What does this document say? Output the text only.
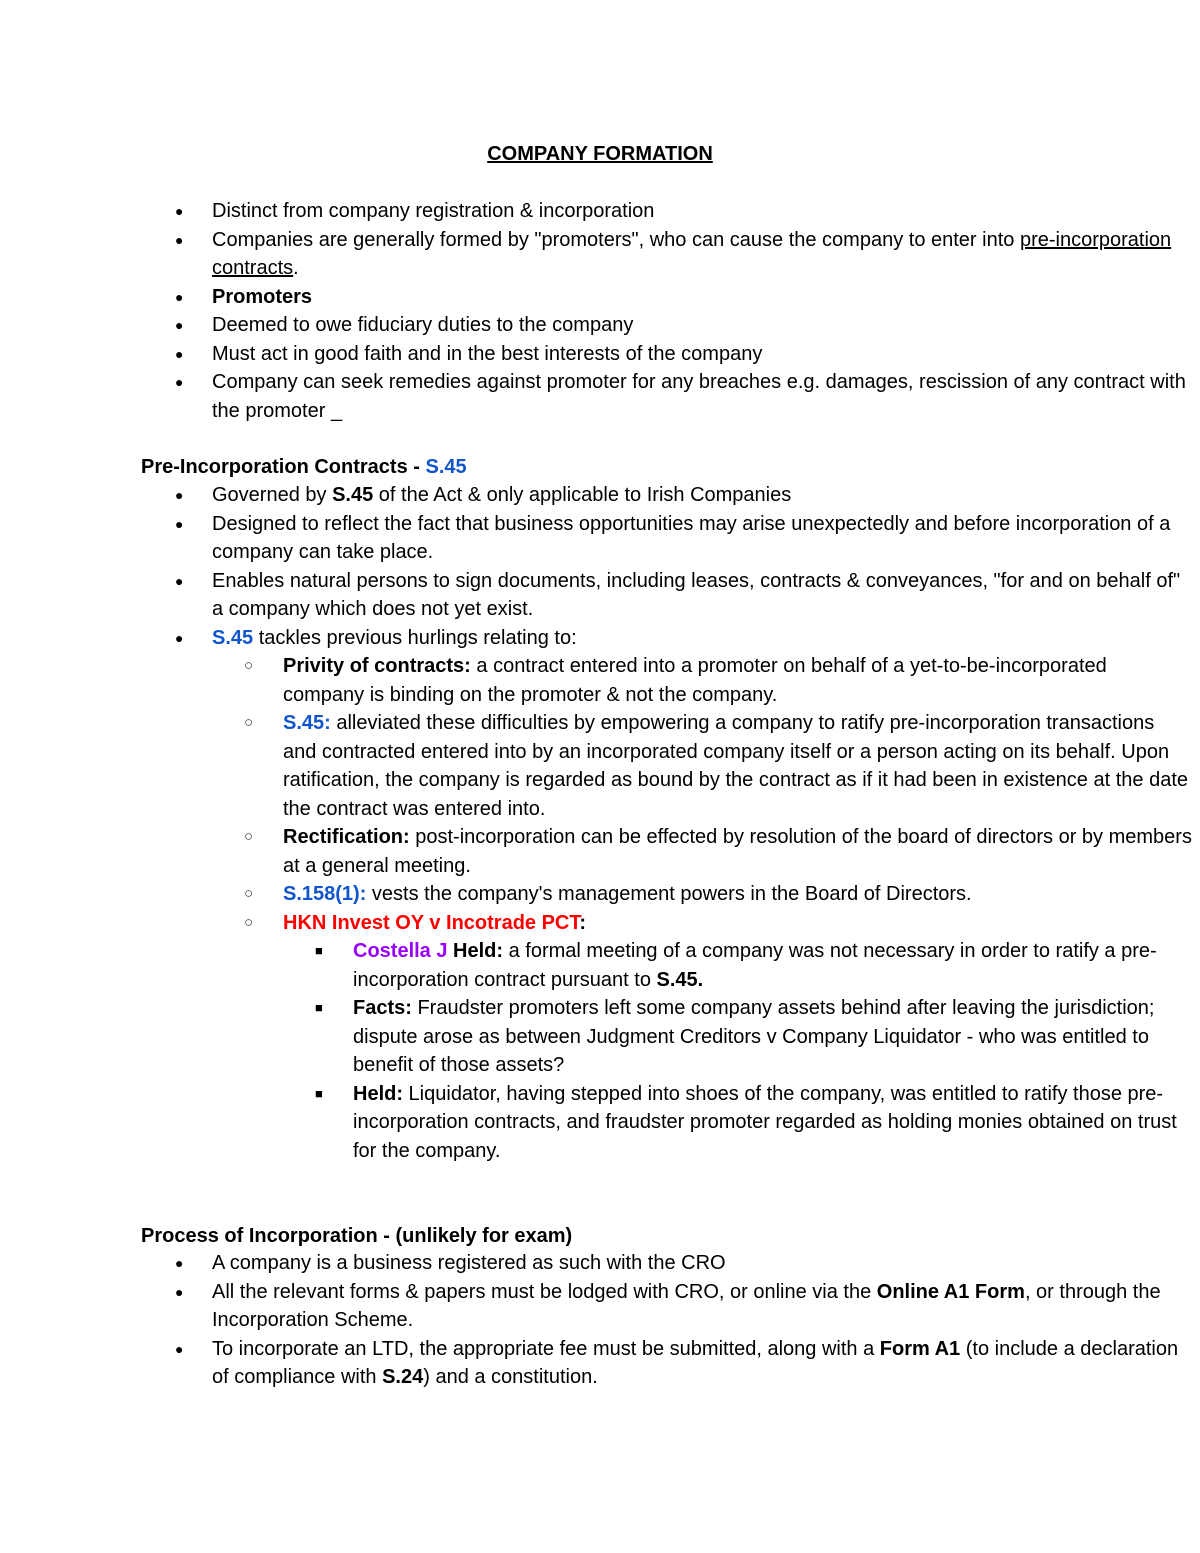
COMPANY FORMATION
● Distinct from company registration & incorporation
● Companies are generally formed by "promoters", who can cause the company to enter into pre-incorporation contracts.
● Promoters
● Deemed to owe fiduciary duties to the company
● Must act in good faith and in the best interests of the company
● Company can seek remedies against promoter for any breaches e.g. damages, rescission of any contract with the promoter _
Pre-Incorporation Contracts - S.45
● Governed by S.45 of the Act & only applicable to Irish Companies
● Designed to reflect the fact that business opportunities may arise unexpectedly and before incorporation of a company can take place.
● Enables natural persons to sign documents, including leases, contracts & conveyances, "for and on behalf of" a company which does not yet exist.
● S.45 tackles previous hurlings relating to:
○ Privity of contracts: a contract entered into a promoter on behalf of a yet-to-be-incorporated company is binding on the promoter & not the company.
○ S.45: alleviated these difficulties by empowering a company to ratify pre-incorporation transactions and contracted entered into by an incorporated company itself or a person acting on its behalf. Upon ratification, the company is regarded as bound by the contract as if it had been in existence at the date the contract was entered into.
○ Rectification: post-incorporation can be effected by resolution of the board of directors or by members at a general meeting.
○ S.158(1): vests the company's management powers in the Board of Directors.
○ HKN Invest OY v Incotrade PCT:
■ Costella J Held: a formal meeting of a company was not necessary in order to ratify a pre-incorporation contract pursuant to S.45.
■ Facts: Fraudster promoters left some company assets behind after leaving the jurisdiction; dispute arose as between Judgment Creditors v Company Liquidator - who was entitled to benefit of those assets?
■ Held: Liquidator, having stepped into shoes of the company, was entitled to ratify those pre-incorporation contracts, and fraudster promoter regarded as holding monies obtained on trust for the company.
Process of Incorporation - (unlikely for exam)
● A company is a business registered as such with the CRO
● All the relevant forms & papers must be lodged with CRO, or online via the Online A1 Form, or through the Incorporation Scheme.
● To incorporate an LTD, the appropriate fee must be submitted, along with a Form A1 (to include a declaration of compliance with S.24) and a constitution.
